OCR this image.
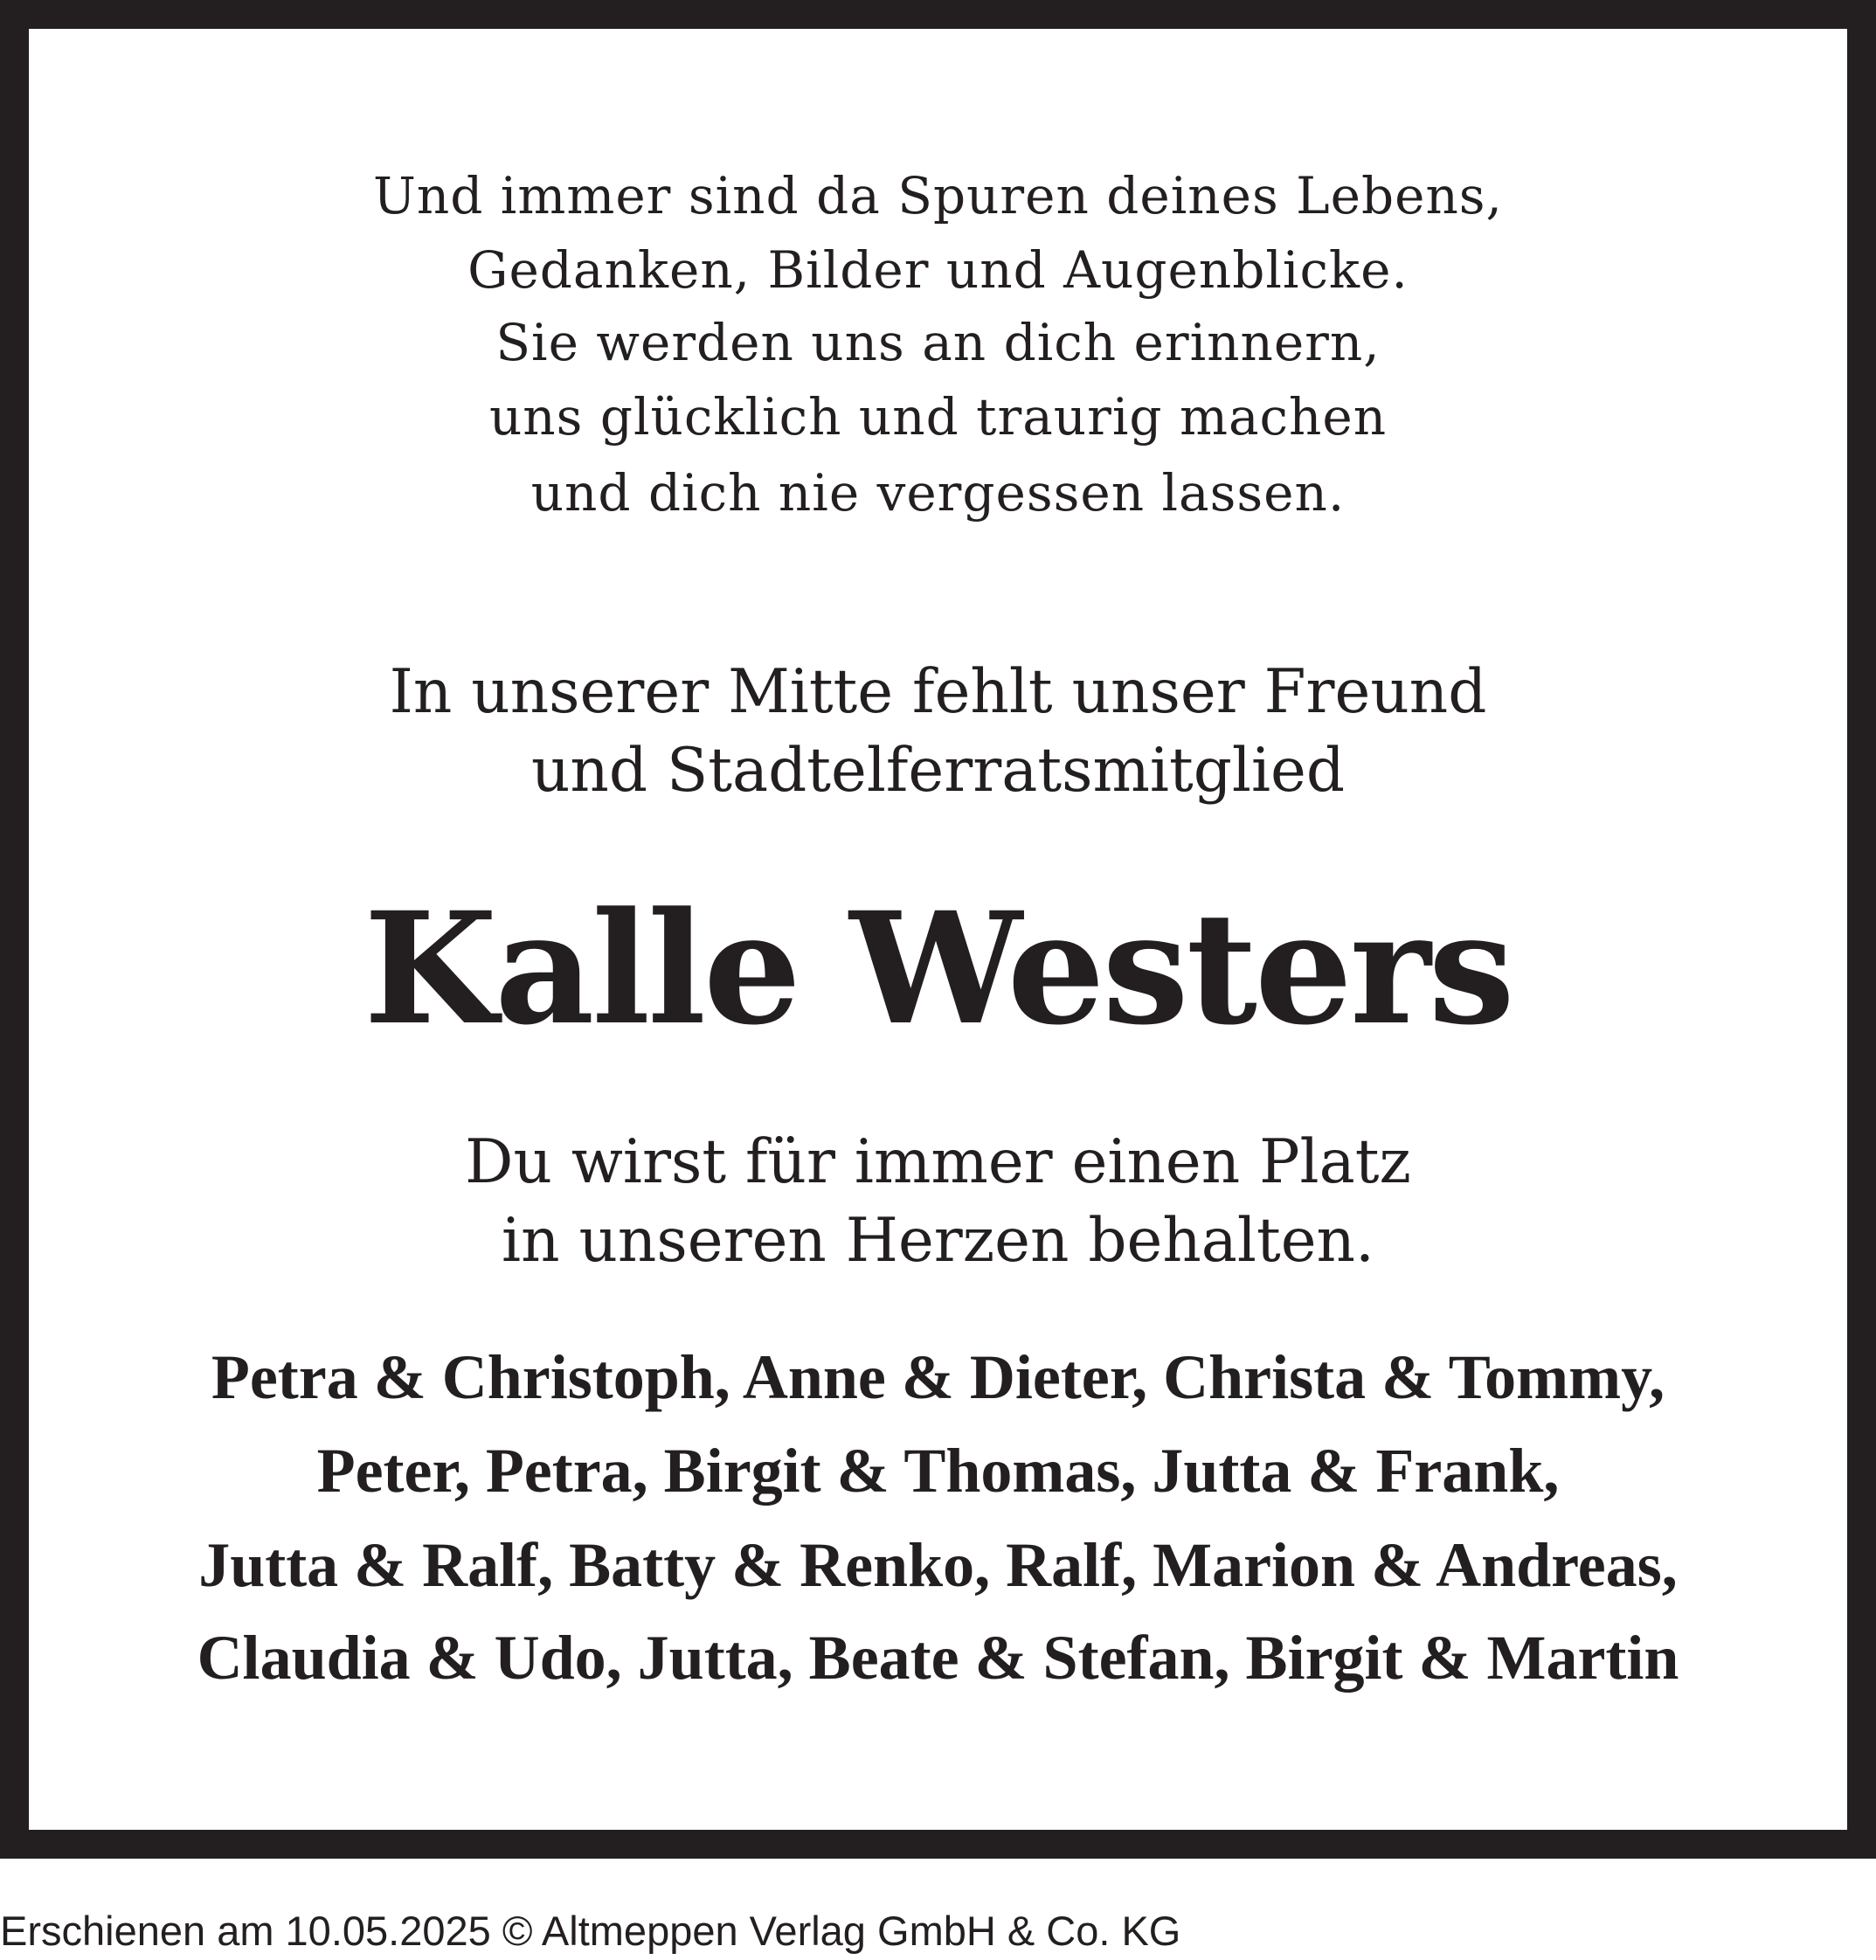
Und immer sind da Spuren deines Lebens,
Gedanken, Bilder und Augenblicke.
Sie werden uns an dich erinnern,
uns glücklich und traurig machen
und dich nie vergessen lassen.
In unserer Mitte fehlt unser Freund
und Stadtelferratsmitglied
Kalle Westers
Du wirst für immer einen Platz
in unseren Herzen behalten.
Petra & Christoph, Anne & Dieter, Christa & Tommy,
Peter, Petra, Birgit & Thomas, Jutta & Frank,
Jutta & Ralf, Batty & Renko, Ralf, Marion & Andreas,
Claudia & Udo, Jutta, Beate & Stefan, Birgit & Martin
Erschienen am 10.05.2025 © Altmeppen Verlag GmbH & Co. KG
